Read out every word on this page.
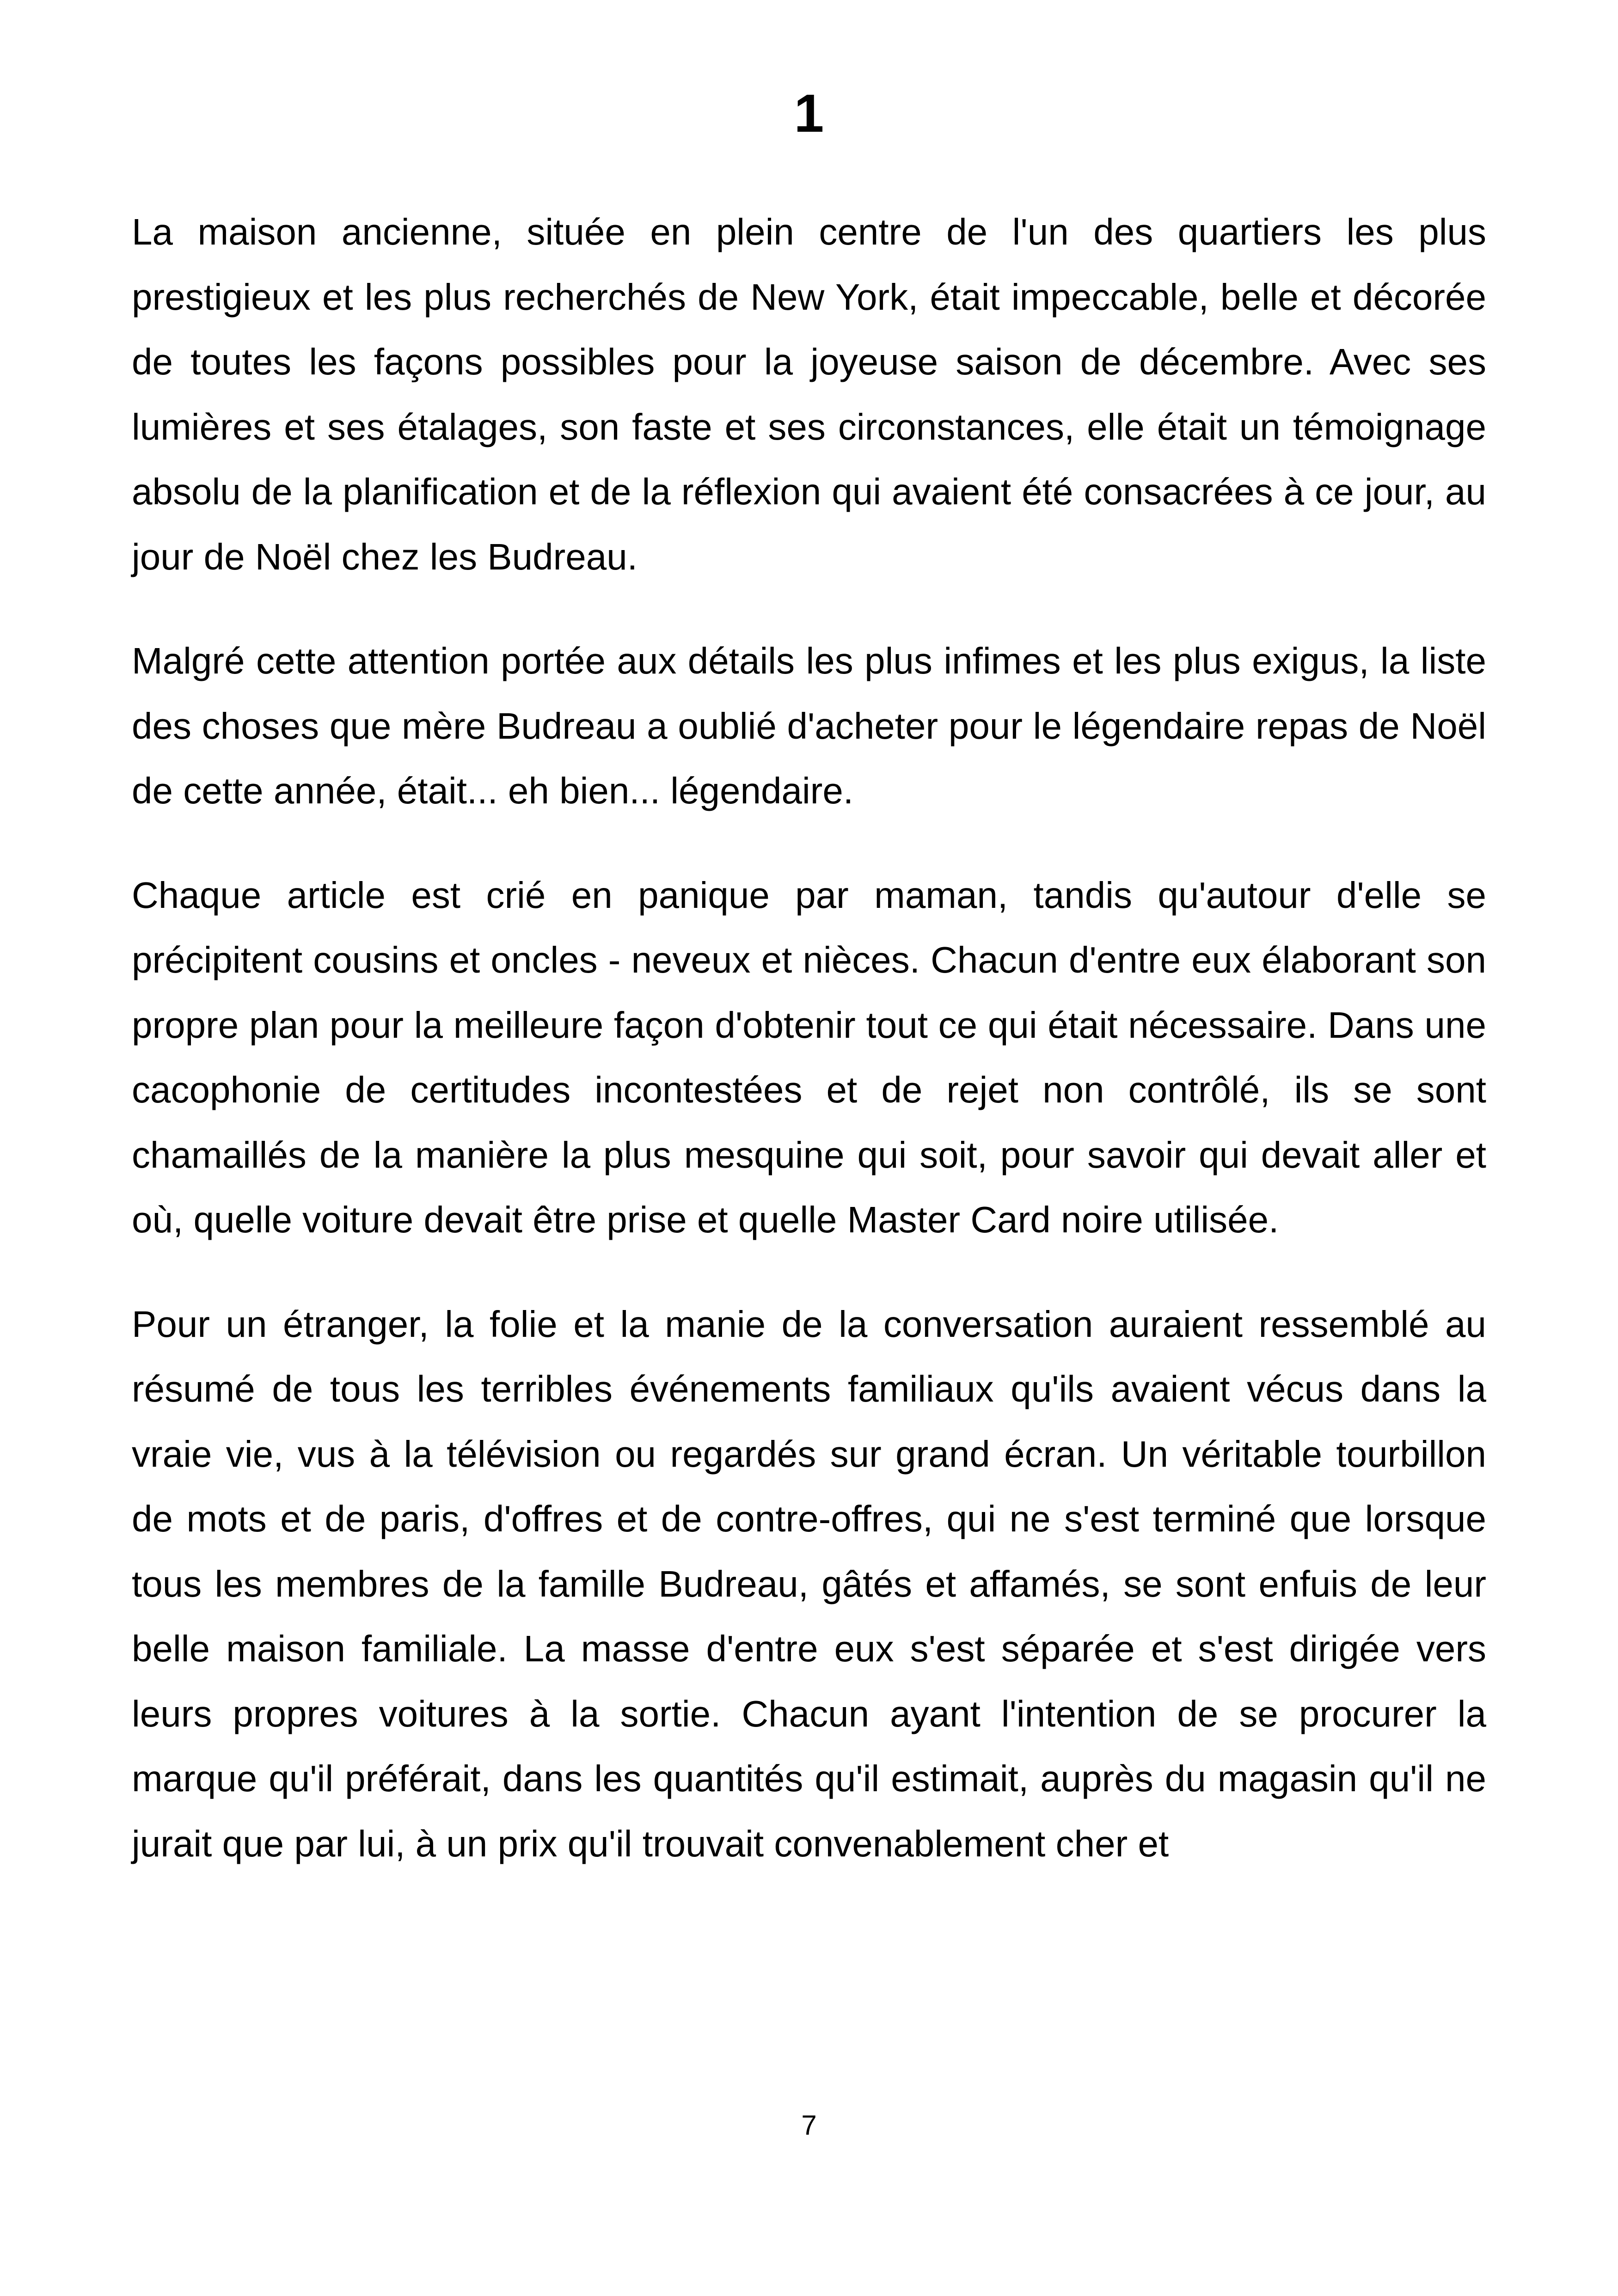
1

La maison ancienne, située en plein centre de l'un des quartiers les plus prestigieux et les plus recherchés de New York, était impeccable, belle et décorée de toutes les façons possibles pour la joyeuse saison de décembre. Avec ses lumières et ses étalages, son faste et ses circonstances, elle était un témoignage absolu de la planification et de la réflexion qui avaient été consacrées à ce jour, au jour de Noël chez les Budreau.

Malgré cette attention portée aux détails les plus infimes et les plus exigus, la liste des choses que mère Budreau a oublié d'acheter pour le légendaire repas de Noël de cette année, était... eh bien... légendaire.

Chaque article est crié en panique par maman, tandis qu'autour d'elle se précipitent cousins et oncles - neveux et nièces. Chacun d'entre eux élaborant son propre plan pour la meilleure façon d'obtenir tout ce qui était nécessaire. Dans une cacophonie de certitudes incontestées et de rejet non contrôlé, ils se sont chamaillés de la manière la plus mesquine qui soit, pour savoir qui devait aller et où, quelle voiture devait être prise et quelle Master Card noire utilisée.

Pour un étranger, la folie et la manie de la conversation auraient ressemblé au résumé de tous les terribles événements familiaux qu'ils avaient vécus dans la vraie vie, vus à la télévision ou regardés sur grand écran. Un véritable tourbillon de mots et de paris, d'offres et de contre-offres, qui ne s'est terminé que lorsque tous les membres de la famille Budreau, gâtés et affamés, se sont enfuis de leur belle maison familiale. La masse d'entre eux s'est séparée et s'est dirigée vers leurs propres voitures à la sortie. Chacun ayant l'intention de se procurer la marque qu'il préférait, dans les quantités qu'il estimait, auprès du magasin qu'il ne jurait que par lui, à un prix qu'il trouvait convenablement cher et

7
